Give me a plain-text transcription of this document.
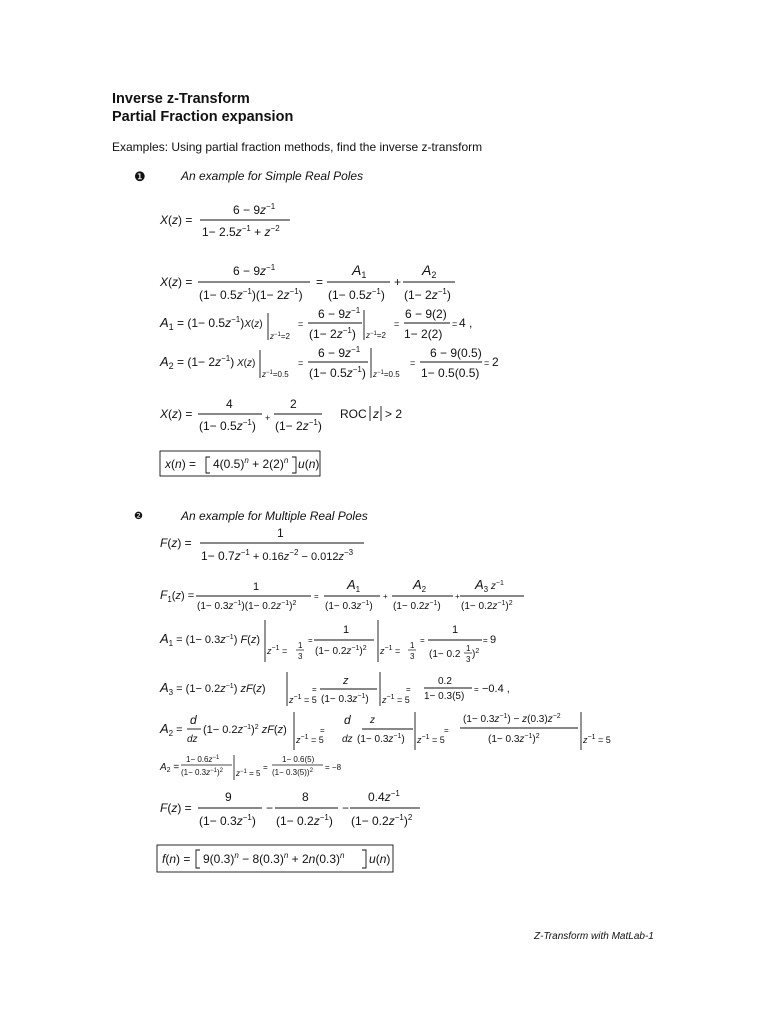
Inverse z-Transform
Partial Fraction expansion
Examples: Using partial fraction methods, find the inverse z-transform
❶	An example for Simple Real Poles
X(z) =
$6 - 9z^{-1}$
$1- 2.5z^{-1} + z^{-2}$
X(z) =
$6 - 9z^{-1}$
$(1- 0.5z^{-1})(1- 2z^{-1})$
=
$A_1$
$(1- 0.5z^{-1})$
+
$A_2$
$(1- 2z^{-1})$
$A_1 = (1- 0.5z^{-1})X(z)$
$z^{-1}=2$
=
$6 - 9z^{-1}$
$(1- 2z^{-1})$ $z^{-1}=2$
=
6 − 9(2)
1− 2(2)
= 4 ,
$A_2 = (1- 2z^{-1})$ X(z)
$z^{-1}=0.5$
=
$6 - 9z^{-1}$
$(1- 0.5z^{-1})$ $z^{-1}=0.5$
=
6 − 9(0.5)
1− 0.5(0.5)
= 2
X(z) =
4
$(1- 0.5z^{-1})$
+
2
$(1- 2z^{-1})$
ROC z > 2
$x(n) = 4(0.5)^n + 2(2)^n$ u(n)
❷	An example for Multiple Real Poles
F(z) =
1
$1- 0.7z^{-1} + 0.16z^{-2} - 0.012z^{-3}$
$F_1(z)$ =
1
$(1- 0.3z^{-1})(1- 0.2z^{-1})^2$
=
$A_1$
$(1- 0.3z^{-1})$
+
$A_2$
$(1- 0.2z^{-1})$
+
$A_3$ $^{z-1}$
$(1- 0.2z^{-1})^2$
$A_1 = (1- 0.3z^{-1})$ F(z)
$z^{-1}$ =
1
3
=
1
$(1- 0.2z^{-1})^2$ $z^{-1}$ =
1
3
=
1
(1− 0.2
1
3 )$^2$
= 9
$A_3 = (1- 0.2z^{-1})$ zF(z)
$z^{-1} = 5$
=
z
$(1- 0.3z^{-1})$ $z^{-1} = 5$
=
0.2
1− 0.3(5)
= −0.4 ,
$A_2$ =
d
dz
$(1- 0.2z^{-1})^2$ zF(z)
$z^{-1} = 5$
=
d z
dz $(1- 0.3z^{-1})$ $z^{-1} = 5$
=
$(1- 0.3z^{-1}) - z(0.3)z^{-2}$
$(1- 0.3z^{-1})^2$	$z^{-1} = 5$
$A_2$ =
$1- 0.6z^{-1}$
$(1- 0.3z^{-1})^2$ $z^{-1} = 5$
=
1− 0.6(5)
$(1- 0.3(5))^2 = -8$
F(z) =
9
$(1- 0.3z^{-1})$
−
8
$(1- 0.2z^{-1})$
−
$0.4z^{-1}$
$(1- 0.2z^{-1})^2$
$f(n) = 9(0.3)^n - 8(0.3)^n + 2n(0.3)^n$ u(n)
Z-Transform with MatLab-1
